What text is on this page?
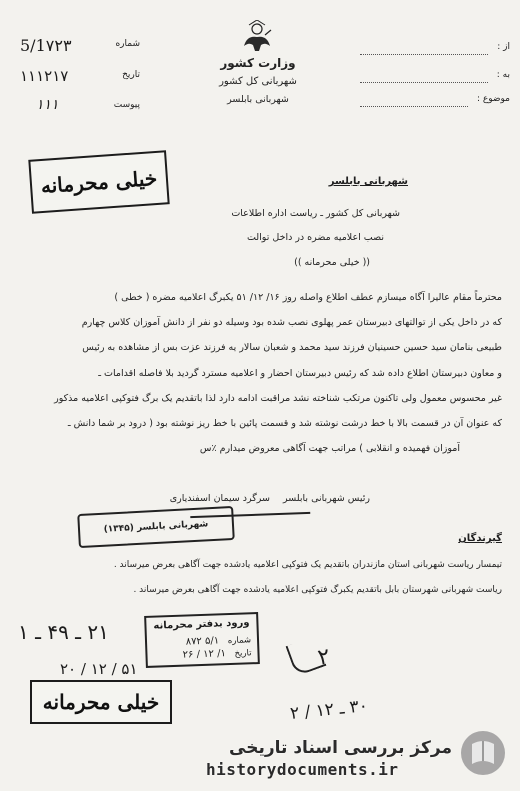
5/1۷۲۳	شماره
۱۱۱۲۱۷	تاریخ
۱۱۱	پیوست
وزارت کشور
شهربانی کل کشور
شهربانی بابلسر
از :
به :
موضوع :
خیلی محرمانه	شهربانی بابلسر
شهربانی کل کشور ـ ریاست اداره اطلاعات
نصب اعلامیه مضره در داخل توالت
(( خیلی محرمانه ))
محترماً مقام عالیرا آگاه میسازم عطف اطلاع واصله روز ۱۶/ ۱۲/ ۵۱ یکبرگ اعلامیه مضره ( خطی )
که در داخل یکی از توالتهای دبیرستان عمر پهلوی نصب شده بود وسیله دو نفر از دانش آموزان کلاس چهارم
طبیعی بنامان سید حسین حسینیان فرزند سید محمد و شعبان سالار یه فرزند عزت بس از مشاهده به رئیس
و معاون دبیرستان اطلاع داده شد که رئیس دبیرستان احضار و اعلامیه مسترد گردید بلا فاصله اقدامات ـ
غیر محسوس معمول ولی تاکنون مرتکب شناخته نشد مراقبت ادامه دارد لذا باتقدیم یک برگ فتوکپی اعلامیه مذکور
که عنوان آن در قسمت بالا با خط درشت نوشته شد و قسمت پائین با خط ریز نوشته بود ( درود بر شما دانش ـ
آموزان فهمیده و انقلابی ) مراتب جهت آگاهی معروض میدارم ٪س
رئیس شهربانی بابلسر سرگرد سیمان اسفندیاری
شهربانی بابلسر (۱۳۴۵)
گیرندگان
تیمسار ریاست شهربانی استان مازندران باتقدیم یک فتوکپی اعلامیه یادشده جهت آگاهی بعرض میرساند .
ریاست شهربانی شهرستان بابل باتقدیم یکبرگ فتوکپی اعلامیه یادشده جهت آگاهی بعرض میرساند .
۲۱ ـ ۴۹ ـ ۱	ورود بدفتر محرمانه
شماره ۵/۱ ۸۷۲
تاریخ ۱/ ۱۲ / ۲۶
۲۰ / ۱۲ / ۵۱	۲
خیلی محرمانه	۳۰ ـ ۱۲ / ۲
مرکز بررسی اسناد تاریخی
historydocuments.ir
